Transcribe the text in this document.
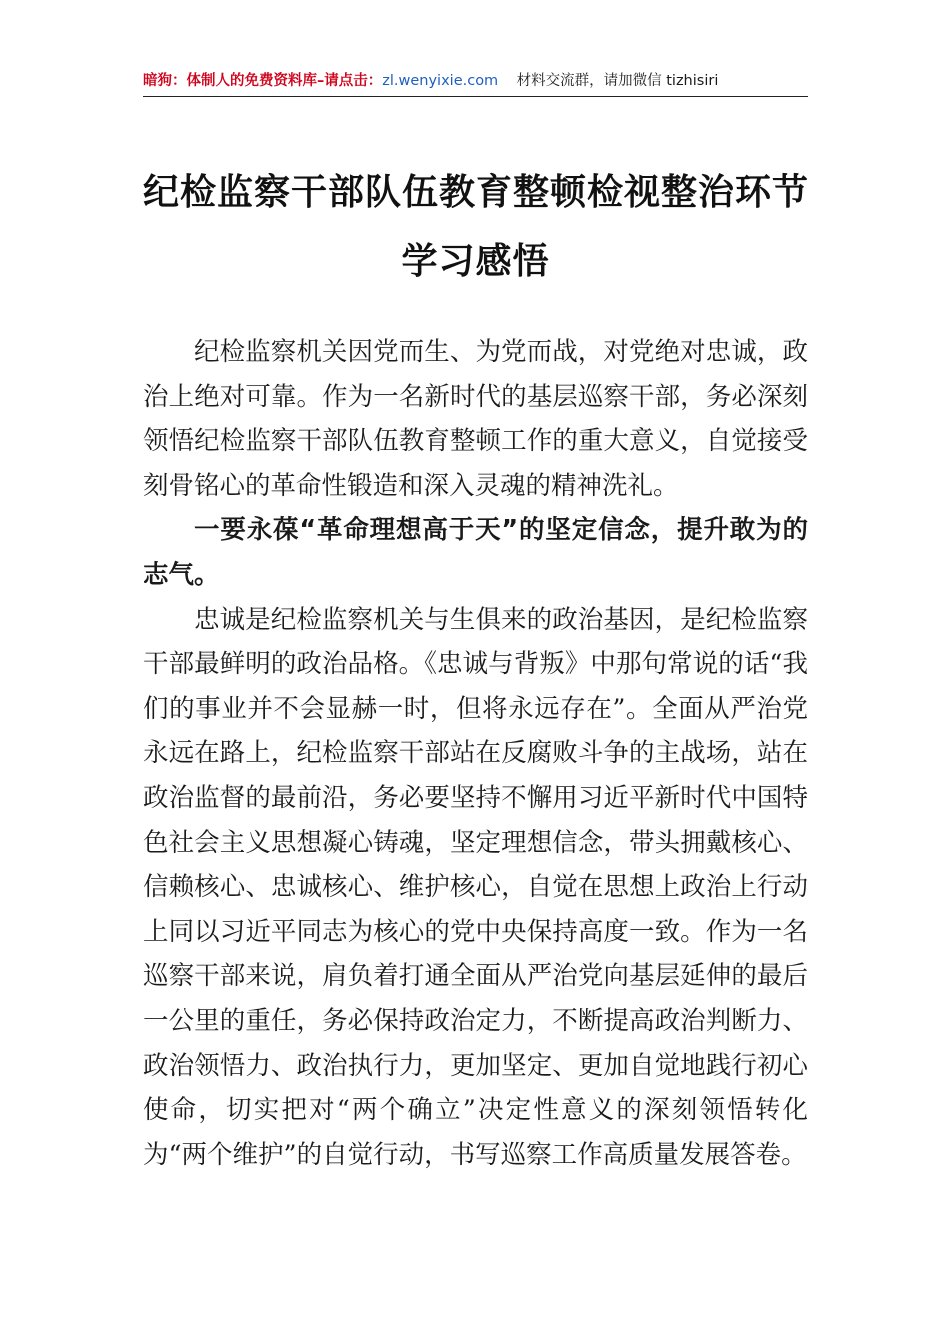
暗狗：体制人的免费资料库–请点击：zl.wenyixie.com 材料交流群，请加微信 tizhisiri
纪检监察干部队伍教育整顿检视整治环节
学习感悟

纪检监察机关因党而生、为党而战，对党绝对忠诚，政治上绝对可靠。作为一名新时代的基层巡察干部，务必深刻领悟纪检监察干部队伍教育整顿工作的重大意义，自觉接受刻骨铭心的革命性锻造和深入灵魂的精神洗礼。

一要永葆“革命理想高于天”的坚定信念，提升敢为的志气。

忠诚是纪检监察机关与生俱来的政治基因，是纪检监察干部最鲜明的政治品格。《忠诚与背叛》中那句常说的话“我们的事业并不会显赫一时，但将永远存在”。全面从严治党永远在路上，纪检监察干部站在反腐败斗争的主战场，站在政治监督的最前沿，务必要坚持不懈用习近平新时代中国特色社会主义思想凝心铸魂，坚定理想信念，带头拥戴核心、信赖核心、忠诚核心、维护核心，自觉在思想上政治上行动上同以习近平同志为核心的党中央保持高度一致。作为一名巡察干部来说，肩负着打通全面从严治党向基层延伸的最后一公里的重任，务必保持政治定力，不断提高政治判断力、政治领悟力、政治执行力，更加坚定、更加自觉地践行初心使命，切实把对“两个确立”决定性意义的深刻领悟转化为“两个维护”的自觉行动，书写巡察工作高质量发展答卷。
